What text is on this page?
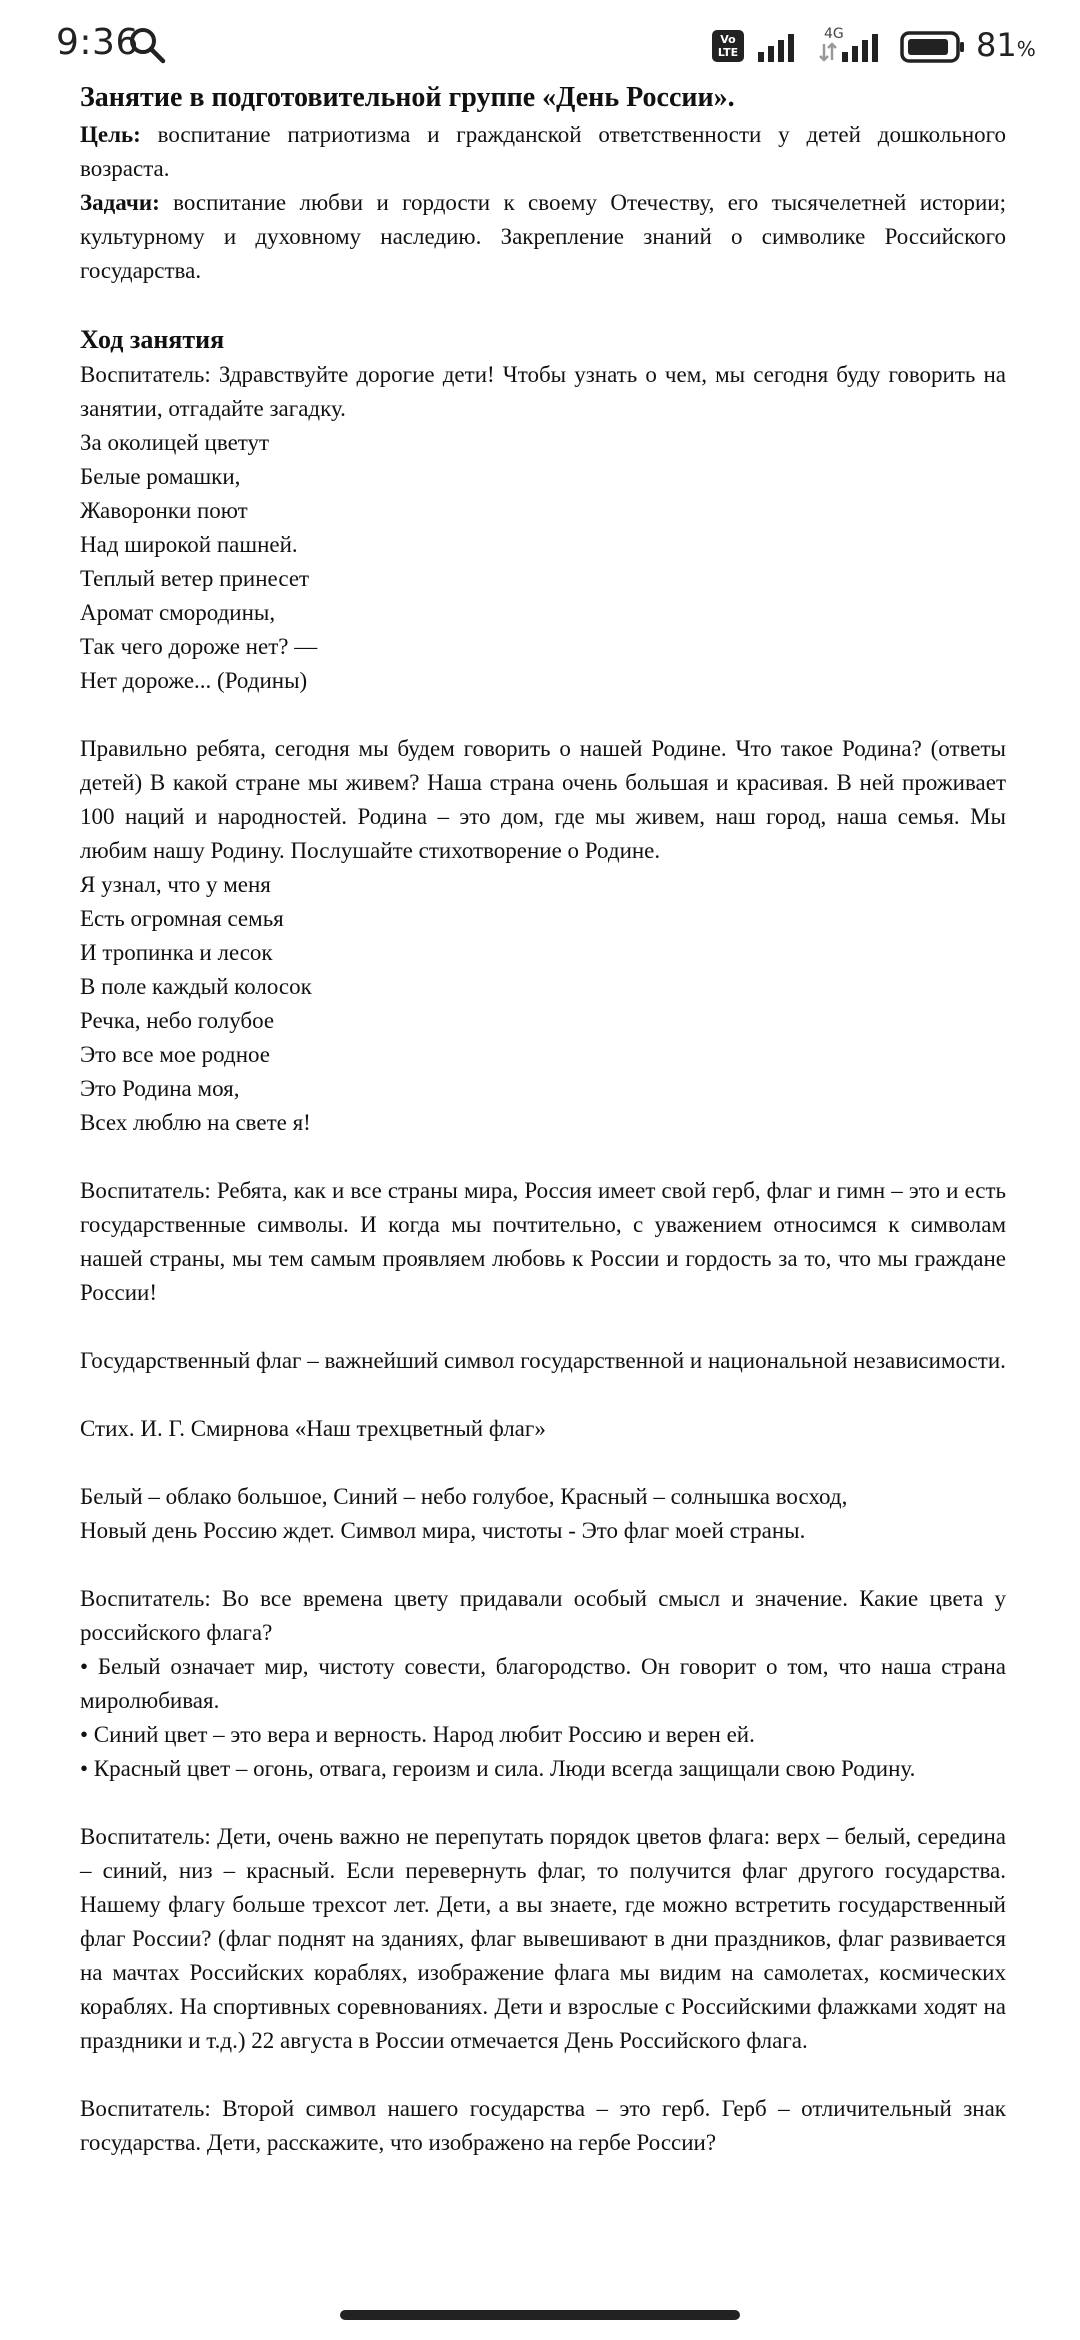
9:36	Vo
LTE
4G	81%

Занятие в подготовительной группе «День России».

Цель: воспитание патриотизма и гражданской ответственности у детей дошкольного возраста.

Задачи: воспитание любви и гордости к своему Отечеству, его тысячелетней истории; культурному и духовному наследию. Закрепление знаний о символике Российского государства.

Ход занятия

Воспитатель: Здравствуйте дорогие дети! Чтобы узнать о чем, мы сегодня буду говорить на занятии, отгадайте загадку.

За околицей цветут

Белые ромашки,

Жаворонки поют

Над широкой пашней.

Теплый ветер принесет

Аромат смородины,

Так чего дороже нет? —

Нет дороже... (Родины)

Правильно ребята, сегодня мы будем говорить о нашей Родине. Что такое Родина? (ответы детей) В какой стране мы живем? Наша страна очень большая и красивая. В ней проживает 100 наций и народностей. Родина – это дом, где мы живем, наш город, наша семья. Мы любим нашу Родину. Послушайте стихотворение о Родине.

Я узнал, что у меня

Есть огромная семья

И тропинка и лесок

В поле каждый колосок

Речка, небо голубое

Это все мое родное

Это Родина моя,

Всех люблю на свете я!

Воспитатель: Ребята, как и все страны мира, Россия имеет свой герб, флаг и гимн – это и есть государственные символы. И когда мы почтительно, с уважением относимся к символам нашей страны, мы тем самым проявляем любовь к России и гордость за то, что мы граждане России!

Государственный флаг – важнейший символ государственной и национальной независимости.

Стих. И. Г. Смирнова «Наш трехцветный флаг»

Белый – облако большое, Синий – небо голубое, Красный – солнышка восход,

Новый день Россию ждет. Символ мира, чистоты - Это флаг моей страны.

Воспитатель: Во все времена цвету придавали особый смысл и значение. Какие цвета у российского флага?

• Белый означает мир, чистоту совести, благородство. Он говорит о том, что наша страна миролюбивая.

• Синий цвет – это вера и верность. Народ любит Россию и верен ей.

• Красный цвет – огонь, отвага, героизм и сила. Люди всегда защищали свою Родину.

Воспитатель: Дети, очень важно не перепутать порядок цветов флага: верх – белый, середина – синий, низ – красный. Если перевернуть флаг, то получится флаг другого государства. Нашему флагу больше трехсот лет. Дети, а вы знаете, где можно встретить государственный флаг России? (флаг поднят на зданиях, флаг вывешивают в дни праздников, флаг развивается на мачтах Российских кораблях, изображение флага мы видим на самолетах, космических кораблях. На спортивных соревнованиях. Дети и взрослые с Российскими флажками ходят на праздники и т.д.) 22 августа в России отмечается День Российского флага.

Воспитатель: Второй символ нашего государства – это герб. Герб – отличительный знак государства. Дети, расскажите, что изображено на гербе России?
